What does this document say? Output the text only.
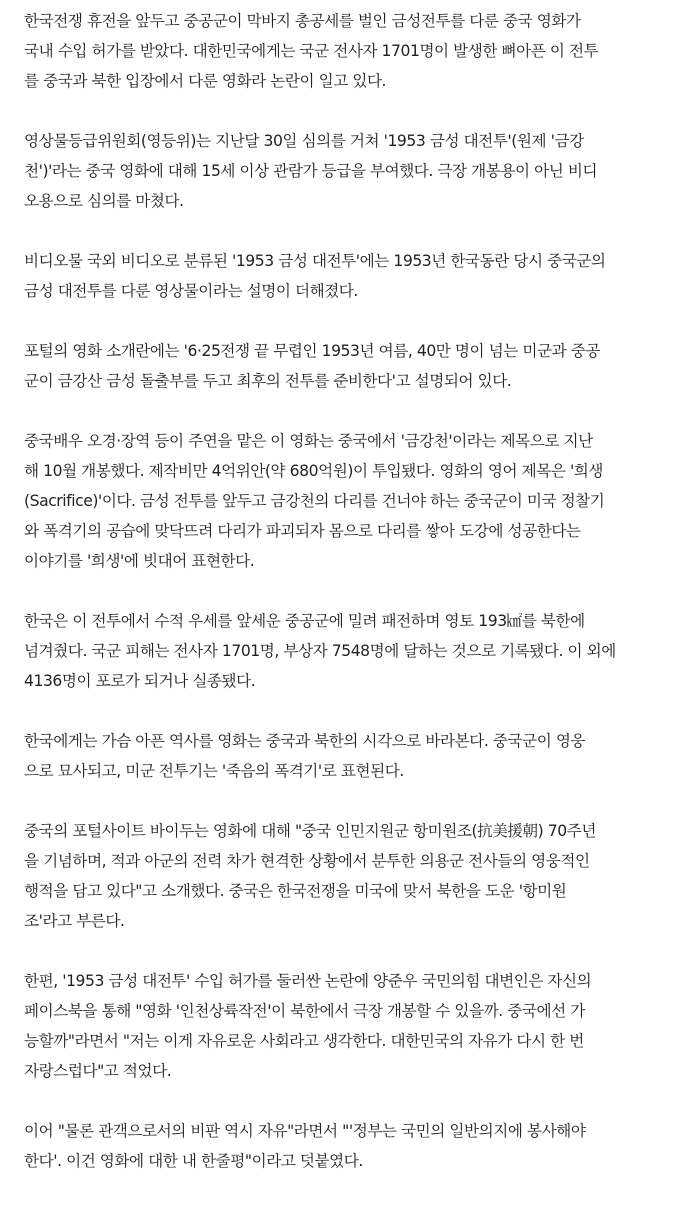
한국전쟁 휴전을 앞두고 중공군이 막바지 총공세를 벌인 금성전투를 다룬 중국 영화가
국내 수입 허가를 받았다. 대한민국에게는 국군 전사자 1701명이 발생한 뼈아픈 이 전투
를 중국과 북한 입장에서 다룬 영화라 논란이 일고 있다.

영상물등급위원회(영등위)는 지난달 30일 심의를 거쳐 '1953 금성 대전투'(원제 '금강
천')'라는 중국 영화에 대해 15세 이상 관람가 등급을 부여했다. 극장 개봉용이 아닌 비디
오용으로 심의를 마쳤다.

비디오물 국외 비디오로 분류된 '1953 금성 대전투'에는 1953년 한국동란 당시 중국군의
금성 대전투를 다룬 영상물이라는 설명이 더해졌다.

포털의 영화 소개란에는 '6·25전쟁 끝 무렵인 1953년 여름, 40만 명이 넘는 미군과 중공
군이 금강산 금성 돌출부를 두고 최후의 전투를 준비한다'고 설명되어 있다.

중국배우 오경·장역 등이 주연을 맡은 이 영화는 중국에서 '금강천'이라는 제목으로 지난
해 10월 개봉했다. 제작비만 4억위안(약 680억원)이 투입됐다. 영화의 영어 제목은 '희생
(Sacrifice)'이다. 금성 전투를 앞두고 금강천의 다리를 건너야 하는 중국군이 미국 정찰기
와 폭격기의 공습에 맞닥뜨려 다리가 파괴되자 몸으로 다리를 쌓아 도강에 성공한다는
이야기를 '희생'에 빗대어 표현한다.

한국은 이 전투에서 수적 우세를 앞세운 중공군에 밀려 패전하며 영토 193㎢를 북한에
넘겨줬다. 국군 피해는 전사자 1701명, 부상자 7548명에 달하는 것으로 기록됐다. 이 외에
4136명이 포로가 되거나 실종됐다.

한국에게는 가슴 아픈 역사를 영화는 중국과 북한의 시각으로 바라본다. 중국군이 영웅
으로 묘사되고, 미군 전투기는 '죽음의 폭격기'로 표현된다.

중국의 포털사이트 바이두는 영화에 대해 "중국 인민지원군 항미원조(抗美援朝) 70주년
을 기념하며, 적과 아군의 전력 차가 현격한 상황에서 분투한 의용군 전사들의 영웅적인
행적을 담고 있다"고 소개했다. 중국은 한국전쟁을 미국에 맞서 북한을 도운 '항미원
조'라고 부른다.

한편, '1953 금성 대전투' 수입 허가를 둘러싼 논란에 양준우 국민의힘 대변인은 자신의
페이스북을 통해 "영화 '인천상륙작전'이 북한에서 극장 개봉할 수 있을까. 중국에선 가
능할까"라면서 "저는 이게 자유로운 사회라고 생각한다. 대한민국의 자유가 다시 한 번
자랑스럽다"고 적었다.

이어 "물론 관객으로서의 비판 역시 자유"라면서 "'정부는 국민의 일반의지에 봉사해야
한다'. 이건 영화에 대한 내 한줄평"이라고 덧붙였다.
